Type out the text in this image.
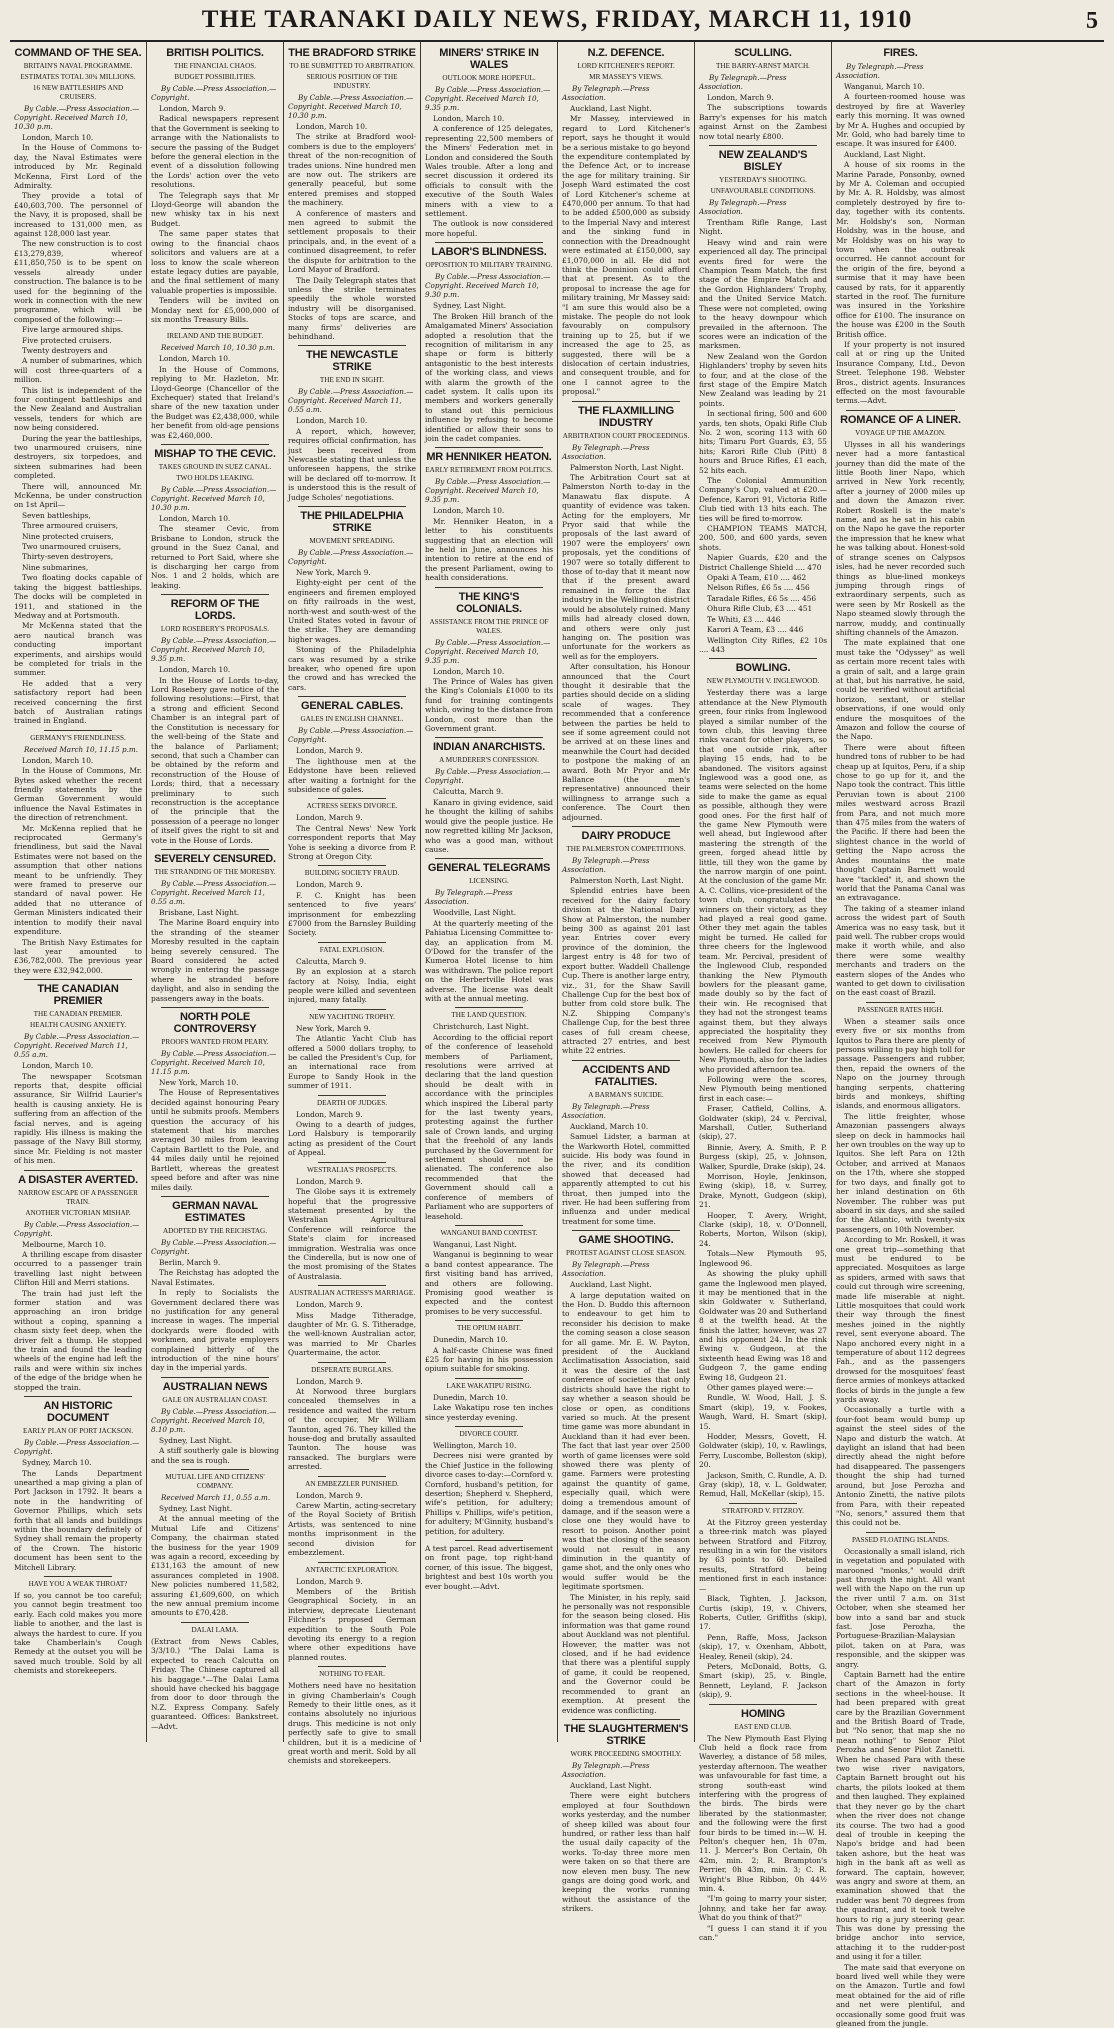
THE TARANAKI DAILY NEWS, FRIDAY, MARCH 11, 1910	5
COMMAND OF THE SEA.
BRITAIN'S NAVAL PROGRAMME.
ESTIMATES TOTAL 30¾ MILLIONS.
16 NEW BATTLESHIPS AND CRUISERS.
By Cable.—Press Association.—Copyright. Received March 10, 10.30 p.m.
London, March 10.
In the House of Commons to-day, the Naval Estimates were introduced by Mr. Reginald McKenna, First Lord of the Admiralty.
They provide a total of £40,603,700. The personnel of the Navy, it is proposed, shall be increased to 131,000 men, as against 128,000 last year.
The new construction is to cost £13,279,839, whereof £11,850,750 is to be spent on vessels already under construction. The balance is to be used for the beginning of the work in connection with the new programme, which will be composed of the following:—
Five large armoured ships.
Five protected cruisers.
Twenty destroyers and
A number of submarines, which will cost three-quarters of a million.
This list is independent of the four contingent battleships and the New Zealand and Australian vessels, tenders for which are now being considered.
During the year the battleships, two unarmoured cruisers, nine destroyers, six torpedoes, and sixteen submarines had been completed.
There will, announced Mr. McKenna, be under construction on 1st April—
Seven battleships,
Three armoured cruisers,
Nine protected cruisers,
Two unarmoured cruisers,
Thirty-seven destroyers,
Nine submarines,
Two floating docks capable of taking the biggest battleships. The docks will be completed in 1911, and stationed in the Medway and at Portsmouth.
Mr McKenna stated that the aero nautical branch was conducting important experiments, and airships would be completed for trials in the summer.
He added that a very satisfactory report had been received concerning the first batch of Australian ratings trained in England.
GERMANY'S FRIENDLINESS.
Received March 10, 11.15 p.m.
London, March 10.
In the House of Commons, Mr. Bytes asked whether the recent friendly statements by the German Government would influence the Naval Estimates in the direction of retrenchment.
Mr. McKenna replied that he reciprocated Germany's friendliness, but said the Naval Estimates were not based on the assumption that other nations meant to be unfriendly. They were framed to preserve our standard of naval power. He added that no utterance of German Ministers indicated their intention to modify their naval expenditure.
The British Navy Estimates for last year amounted to £36,782,000. The previous year they were £32,942,000.
THE CANADIAN PREMIER
THE CANADIAN PREMIER.
HEALTH CAUSING ANXIETY.
By Cable.—Press Association.—Copyright. Received March 11, 0.55 a.m.
London, March 10.
The newspaper Scotsman reports that, despite official assurance, Sir Wilfrid Laurier's health is causing anxiety. He is suffering from an affection of the facial nerves, and is ageing rapidly. His illness is making the passage of the Navy Bill stormy, since Mr. Fielding is not master of his men.
A DISASTER AVERTED.
NARROW ESCAPE OF A PASSENGER TRAIN.
ANOTHER VICTORIAN MISHAP.
By Cable.—Press Association.—Copyright.
Melbourne, March 10.
A thrilling escape from disaster occurred to a passenger train travelling last night between Clifton Hill and Merri stations.
The train had just left the former station and was approaching an iron bridge without a coping, spanning a chasm sixty feet deep, when the driver felt a thump. He stopped the train and found the leading wheels of the engine had left the rails and were within six inches of the edge of the bridge when he stopped the train.
AN HISTORIC DOCUMENT
EARLY PLAN OF PORT JACKSON.
By Cable.—Press Association.—Copyright.
Sydney, March 10.
The Lands Department unearthed a map giving a plan of Port Jackson in 1792. It bears a note in the handwriting of Governor Phillips, which sets forth that all lands and buildings within the boundary definitely of Sydney shall remain the property of the Crown. The historic document has been sent to the Mitchell Library.
HAVE YOU A WEAK THROAT?
If so, you cannot be too careful; you cannot begin treatment too early. Each cold makes you more liable to another, and the last is always the hardest to cure. If you take Chamberlain's Cough Remedy at the outset you will be saved much trouble. Sold by all chemists and storekeepers.
BRITISH POLITICS.
THE FINANCIAL CHAOS.
BUDGET POSSIBILITIES.
By Cable.—Press Association.—Copyright.
London, March 9.
Radical newspapers represent that the Government is seeking to arrange with the Nationalists to secure the passing of the Budget before the general election in the event of a dissolution following the Lords' action over the veto resolutions.
The Telegraph says that Mr Lloyd-George will abandon the new whisky tax in his next Budget.
The same paper states that owing to the financial chaos solicitors and valuers are at a loss to know the scale whereon estate legacy duties are payable, and the final settlement of many valuable properties is impossible.
Tenders will be invited on Monday next for £5,000,000 of six months Treasury Bills.
IRELAND AND THE BUDGET.
Received March 10, 10.30 p.m.
London, March 10.
In the House of Commons, replying to Mr. Hazleton, Mr. Lloyd-George (Chancellor of the Exchequer) stated that Ireland's share of the new taxation under the Budget was £2,438,000, while her benefit from old-age pensions was £2,460,000.
MISHAP TO THE CEVIC.
TAKES GROUND IN SUEZ CANAL.
TWO HOLDS LEAKING.
By Cable.—Press Association.—Copyright. Received March 10, 10.30 p.m.
London, March 10.
The steamer Cevic, from Brisbane to London, struck the ground in the Suez Canal, and returned to Port Said, where she is discharging her cargo from Nos. 1 and 2 holds, which are leaking.
REFORM OF THE LORDS.
LORD ROSEBERY'S PROPOSALS.
By Cable.—Press Association.—Copyright. Received March 10, 9.35 p.m.
London, March 10.
In the House of Lords to-day, Lord Rosebery gave notice of the following resolutions:—First, that a strong and efficient Second Chamber is an integral part of the Constitution is necessary for the well-being of the State and the balance of Parliament; second, that such a Chamber can be obtained by the reform and reconstruction of the House of Lords; third, that a necessary preliminary to such reconstruction is the acceptance of the principle that the possession of a peerage no longer of itself gives the right to sit and vote in the House of Lords.
SEVERELY CENSURED.
THE STRANDING OF THE MORESBY.
By Cable.—Press Association.—Copyright. Received March 11, 0.55 a.m.
Brisbane, Last Night.
The Marine Board enquiry into the stranding of the steamer Moresby resulted in the captain being severely censured. The Board considered he acted wrongly in entering the passage where he stranded before daylight, and also in sending the passengers away in the boats.
NORTH POLE CONTROVERSY
PROOFS WANTED FROM PEARY.
By Cable.—Press Association.—Copyright. Received March 10, 11.15 p.m.
New York, March 10.
The House of Representatives decided against honouring Peary until he submits proofs. Members question the accuracy of his statement that his marches averaged 30 miles from leaving Captain Bartlett to the Pole, and 44 miles daily until he rejoined Bartlett, whereas the greatest speed before and after was nine miles daily.
GERMAN NAVAL ESTIMATES
ADOPTED BY THE REICHSTAG.
By Cable.—Press Association.—Copyright.
Berlin, March 9.
The Reichstag has adopted the Naval Estimates.
In reply to Socialists the Government declared there was no justification for any general increase in wages. The imperial dockyards were flooded with workmen, and private employers complained bitterly of the introduction of the nine hours' day in the imperial yards.
AUSTRALIAN NEWS
GALE ON AUSTRALIAN COAST.
By Cable.—Press Association.—Copyright. Received March 10, 8.10 p.m.
Sydney, Last Night.
A stiff southerly gale is blowing and the sea is rough.
MUTUAL LIFE AND CITIZENS' COMPANY.
Received March 11, 0.55 a.m.
Sydney, Last Night.
At the annual meeting of the Mutual Life and Citizens' Company, the chairman stated the business for the year 1909 was again a record, exceeding by £131,163 the amount of new assurances completed in 1908. New policies numbered 11,582, assuring £1,609,600, on which the new annual premium income amounts to £70,428.
DALAI LAMA.
(Extract from News Cables, 3/3/10.) "The Dalai Lama is expected to reach Calcutta on Friday. The Chinese captured all his baggage."—The Dalai Lama should have checked his baggage from door to door through the N.Z. Express Company. Safely guaranteed. Offices: Bankstreet.—Advt.
THE BRADFORD STRIKE
TO BE SUBMITTED TO ARBITRATION.
SERIOUS POSITION OF THE INDUSTRY.
By Cable.—Press Association.—Copyright. Received March 10, 10.30 p.m.
London, March 10.
The strike at Bradford wool-combers is due to the employers' threat of the non-recognition of trades unions. Nine hundred men are now out. The strikers are generally peaceful, but some entered premises and stopped the machinery.
A conference of masters and men agreed to submit the settlement proposals to their principals, and, in the event of a continued disagreement, to refer the dispute for arbitration to the Lord Mayor of Bradford.
The Daily Telegraph states that unless the strike terminates speedily the whole worsted industry will be disorganised. Stocks of tops are scarce, and many firms' deliveries are behindhand.
THE NEWCASTLE STRIKE
THE END IN SIGHT.
By Cable.—Press Association.—Copyright. Received March 11, 0.55 a.m.
London, March 10.
A report, which, however, requires official confirmation, has just been received from Newcastle stating that unless the unforeseen happens, the strike will be declared off to-morrow. It is understood this is the result of Judge Scholes' negotiations.
THE PHILADELPHIA STRIKE
MOVEMENT SPREADING.
By Cable.—Press Association.—Copyright.
New York, March 9.
Eighty-eight per cent of the engineers and firemen employed on fifty railroads in the west, north-west and south-west of the United States voted in favour of the strike. They are demanding higher wages.
Stoning of the Philadelphia cars was resumed by a strike breaker, who opened fire upon the crowd and has wrecked the cars.
GENERAL CABLES.
GALES IN ENGLISH CHANNEL.
By Cable.—Press Association.—Copyright.
London, March 9.
The lighthouse men at the Eddystone have been relieved after waiting a fortnight for the subsidence of gales.
ACTRESS SEEKS DIVORCE.
London, March 9.
The Central News' New York correspondent reports that May Yohe is seeking a divorce from P. Strong at Oregon City.
BUILDING SOCIETY FRAUD.
London, March 9.
F. C. Knight has been sentenced to five years' imprisonment for embezzling £7000 from the Barnsley Building Society.
FATAL EXPLOSION.
Calcutta, March 9.
By an explosion at a starch factory at Noisy, India, eight people were killed and seventeen injured, many fatally.
NEW YACHTING TROPHY.
New York, March 9.
The Atlantic Yacht Club has offered a 5000 dollars trophy, to be called the President's Cup, for an international race from Europe to Sandy Hook in the summer of 1911.
DEARTH OF JUDGES.
London, March 9.
Owing to a dearth of judges, Lord Halsbury is temporarily acting as president of the Court of Appeal.
WESTRALIA'S PROSPECTS.
London, March 9.
The Globe says it is extremely hopeful that the progressive statement presented by the Westralian Agricultural Conference will reinforce the State's claim for increased immigration. Westralia was once the Cinderella, but is now one of the most promising of the States of Australasia.
AUSTRALIAN ACTRESS'S MARRIAGE.
London, March 9.
Miss Madge Titheradge, daughter of Mr. G. S. Titheradge, the well-known Australian actor, was married to Mr Charles Quartermaine, the actor.
DESPERATE BURGLARS.
London, March 9.
At Norwood three burglars concealed themselves in a residence and waited the return of the occupier, Mr William Taunton, aged 76. They killed the house-dog and brutally assaulted Taunton. The house was ransacked. The burglars were arrested.
AN EMBEZZLER PUNISHED.
London, March 9.
Carew Martin, acting-secretary of the Royal Society of British Artists, was sentenced to nine months imprisonment in the second division for embezzlement.
ANTARCTIC EXPLORATION.
London, March 9.
Members of the British Geographical Society, in an interview, deprecate Lieutenant Filchner's proposed German expedition to the South Pole devoting its energy to a region where other expeditions have planned routes.
NOTHING TO FEAR.
Mothers need have no hesitation in giving Chamberlain's Cough Remedy to their little ones, as it contains absolutely no injurious drugs. This medicine is not only perfectly safe to give to small children, but it is a medicine of great worth and merit. Sold by all chemists and storekeepers.
MINERS' STRIKE IN WALES
OUTLOOK MORE HOPEFUL.
By Cable.—Press Association.—Copyright. Received March 10, 9.35 p.m.
London, March 10.
A conference of 125 delegates, representing 22,500 members of the Miners' Federation met in London and considered the South Wales trouble. After a long and secret discussion it ordered its officials to consult with the executive of the South Wales miners with a view to a settlement.
The outlook is now considered more hopeful.
LABOR'S BLINDNESS.
OPPOSITION TO MILITARY TRAINING.
By Cable.—Press Association.—Copyright. Received March 10, 9.30 p.m.
Sydney, Last Night.
The Broken Hill branch of the Amalgamated Miners' Association adopted a resolution that the recognition of militarism in any shape or form is bitterly antagonistic to the best interests of the working class, and views with alarm the growth of the cadet system. It calls upon its members and workers generally to stand out this pernicious influence by refusing to become identified or allow their sons to join the cadet companies.
MR HENNIKER HEATON.
EARLY RETIREMENT FROM POLITICS.
By Cable.—Press Association.—Copyright. Received March 10, 9.35 p.m.
London, March 10.
Mr. Henniker Heaton, in a letter to his constituents suggesting that an election will be held in June, announces his intention to retire at the end of the present Parliament, owing to health considerations.
THE KING'S COLONIALS.
ASSISTANCE FROM THE PRINCE OF WALES.
By Cable.—Press Association.—Copyright. Received March 10, 9.35 p.m.
London, March 10.
The Prince of Wales has given the King's Colonials £1000 to its fund for training contingents which, owing to the distance from London, cost more than the Government grant.
INDIAN ANARCHISTS.
A MURDERER'S CONFESSION.
By Cable.—Press Association.—Copyright.
Calcutta, March 9.
Kanaro in giving evidence, said he thought the killing of sahibs would give the people justice. He now regretted killing Mr Jackson, who was a good man, without cause.
GENERAL TELEGRAMS
LICENSING.
By Telegraph.—Press Association.
Woodville, Last Night.
At the quarterly meeting of the Pahiatua Licensing Committee to-day, an application from M. O'Dowd for the transfer of the Kumeroa Hotel license to him was withdrawn. The police report on the Herbertville Hotel was adverse. The license was dealt with at the annual meeting.
THE LAND QUESTION.
Christchurch, Last Night.
According to the official report of the conference of leasehold members of Parliament, resolutions were arrived at declaring that the land question should be dealt with in accordance with the principles which inspired the Liberal party for the last twenty years, protesting against the further sale of Crown lands, and urging that the freehold of any lands purchased by the Government for settlement should not be alienated. The conference also recommended that the Government should call a conference of members of Parliament who are supporters of leasehold.
WANGANUI BAND CONTEST.
Wanganui, Last Night.
Wanganui is beginning to wear a band contest appearance. The first visiting band has arrived, and others are following. Promising good weather is expected and the contest promises to be very successful.
THE OPIUM HABIT.
Dunedin, March 10.
A half-caste Chinese was fined £25 for having in his possession opium suitable for smoking.
LAKE WAKATIPU RISING.
Dunedin, March 10.
Lake Wakatipu rose ten inches since yesterday evening.
DIVORCE COURT.
Wellington, March 10.
Decrees nisi were granted by the Chief Justice in the following divorce cases to-day:—Cornford v. Cornford, husband's petition, for desertion; Shepherd v. Shepherd, wife's petition, for adultery; Phillips v. Phillips, wife's petition, for adultery; M'Ginnity, husband's petition, for adultery.
A test parcel. Read advertisement on front page, top right-hand corner, of this issue. The biggest, brightest and best 10s worth you ever bought.—Advt.
N.Z. DEFENCE.
LORD KITCHENER'S REPORT.
MR MASSEY'S VIEWS.
By Telegraph.—Press Association.
Auckland, Last Night.
Mr Massey, interviewed in regard to Lord Kitchener's report, says he thought it would be a serious mistake to go beyond the expenditure contemplated by the Defence Act, or to increase the age for military training. Sir Joseph Ward estimated the cost of Lord Kitchener's scheme at £470,000 per annum. To that had to be added £500,000 as subsidy to the Imperial Navy and interest and the sinking fund in connection with the Dreadnought were estimated at £150,000, say £1,070,000 in all. He did not think the Dominion could afford that at present. As to the proposal to increase the age for military training, Mr Massey said: "I am sure this would also be a mistake. The people do not look favourably on compulsory training up to 25, but if we increased the age to 25, as suggested, there will be a dislocation of certain industries, and consequent trouble, and for one I cannot agree to the proposal."
THE FLAXMILLING INDUSTRY
ARBITRATION COURT PROCEEDINGS.
By Telegraph.—Press Association.
Palmerston North, Last Night.
The Arbitration Court sat at Palmerston North to-day in the Manawatu flax dispute. A quantity of evidence was taken. Acting for the employers, Mr Pryor said that while the proposals of the last award of 1907 were the employers' own proposals, yet the conditions of 1907 were so totally different to those of to-day that it meant now that if the present award remained in force the flax industry in the Wellington district would be absolutely ruined. Many mills had already closed down, and others were only just hanging on. The position was unfortunate for the workers as well as for the employers.
After consultation, his Honour announced that the Court thought it desirable that the parties should decide on a sliding scale of wages. They recommended that a conference between the parties be held to see if some agreement could not be arrived at on these lines and meanwhile the Court had decided to postpone the making of an award. Both Mr Pryor and Mr Ballance (the men's representative) announced their willingness to arrange such a conference. The Court then adjourned.
DAIRY PRODUCE
THE PALMERSTON COMPETITIONS.
By Telegraph.—Press Association.
Palmerston North, Last Night.
Splendid entries have been received for the dairy factory division at the National Dairy Show at Palmerston, the number being 300 as against 201 last year. Entries cover every province of the dominion, the largest entry is 48 for two of export butter. Waddell Challenge Cup. There is another large entry, viz., 31, for the Shaw Savill Challenge Cup for the best box of butter from cold store bulk. The N.Z. Shipping Company's Challenge Cup, for the best three cases of full cream cheese, attracted 27 entries, and best white 22 entries.
ACCIDENTS AND FATALITIES.
A BARMAN'S SUICIDE.
By Telegraph.—Press Association.
Auckland, March 10.
Samuel Lidster, a barman at the Warkworth Hotel, committed suicide. His body was found in the river, and its condition showed that deceased had apparently attempted to cut his throat, then jumped into the river. He had been suffering from influenza and under medical treatment for some time.
GAME SHOOTING.
PROTEST AGAINST CLOSE SEASON.
By Telegraph.—Press Association.
Auckland, Last Night.
A large deputation waited on the Hon. D. Buddo this afternoon to endeavour to get him to reconsider his decision to make the coming season a close season for all game. Mr. E. W. Payton, president of the Auckland Acclimatisation Association, said it was the desire of the last conference of societies that only districts should have the right to say whether a season should be close or open, as conditions varied so much. At the present time game was more abundant in Auckland than it had ever been. The fact that last year over 2500 worth of game licenses were sold showed there was plenty of game. Farmers were protesting against the quantity of game, especially quail, which were doing a tremendous amount of damage, and if the season were a close one they would have to resort to poison. Another point was that the closing of the season would not result in any diminution in the quantity of game shot, and the only ones who would suffer would be the legitimate sportsmen.
The Minister, in his reply, said he personally was not responsible for the season being closed. His information was that game round about Auckland was not plentiful. However, the matter was not closed, and if he had evidence that there was a plentiful supply of game, it could be reopened, and the Governor could be recommended to grant an exemption. At present the evidence was conflicting.
THE SLAUGHTERMEN'S STRIKE
WORK PROCEEDING SMOOTHLY.
By Telegraph.—Press Association.
Auckland, Last Night.
There were eight butchers employed at four Southdown works yesterday, and the number of sheep killed was about four hundred, or rather less than half the usual daily capacity of the works. To-day three more men were taken on so that there are now eleven men busy. The new gangs are doing good work, and keeping the works running without the assistance of the strikers.
SCULLING.
THE BARRY-ARNST MATCH.
By Telegraph.—Press Association.
London, March 9.
The subscriptions towards Barry's expenses for his match against Arnst on the Zambesi now total nearly £800.
NEW ZEALAND'S BISLEY
YESTERDAY'S SHOOTING.
UNFAVOURABLE CONDITIONS.
By Telegraph.—Press Association.
Trentham Rifle Range, Last Night.
Heavy wind and rain were experienced all day. The principal events fired for were the Champion Team Match, the first stage of the Empire Match and the Gordon Highlanders' Trophy, and the United Service Match. These were not completed, owing to the heavy downpour which prevailed in the afternoon. The scores were an indication of the marksmen.
New Zealand won the Gordon Highlanders' trophy by seven hits to four, and at the close of the first stage of the Empire Match New Zealand was leading by 21 points.
In sectional firing, 500 and 600 yards, ten shots, Opaki Rifle Club No. 2 won, scoring 113 with 60 hits; Timaru Port Guards, £3, 55 hits; Karori Rifle Club (Pitt) 8 hours and Bruce Rifles, £1 each, 52 hits each.
The Colonial Ammunition Company's Cup, valued at £20.—Defence, Karori 91, Victoria Rifle Club tied with 13 hits each. The ties will be fired to-morrow.
CHAMPION TEAMS MATCH, 200, 500, and 600 yards, seven shots.
Napier Guards, £20 and the District Challenge Shield .... 470
Opaki A Team, £10 .... 462
Nelson Rifles, £6 5s .... 456
Taradale Rifles, £6 5s .... 456
Ohura Rifle Club, £3 .... 451
Te Whiti, £3 .... 446
Karori A Team, £3 .... 446
Wellington City Rifles, £2 10s .... 443
BOWLING.
NEW PLYMOUTH V. INGLEWOOD.
Yesterday there was a large attendance at the New Plymouth green, four rinks from Inglewood played a similar number of the town club, this leaving three rinks vacant for other players, so that one outside rink, after playing 15 ends, had to be abandoned. The visitors against Inglewood was a good one, as teams were selected on the home side to make the game as equal as possible, although they were good ones. For the first half of the game New Plymouth were well ahead, but Inglewood after mastering the strength of the green, forged ahead little by little, till they won the game by the narrow margin of one point. At the conclusion of the game Mr. A. C. Collins, vice-president of the town club, congratulated the winners on their victory, as they had played a real good game. Other they met again the tables might be turned. He called for three cheers for the Inglewood team. Mr. Percival, president of the Inglewood Club, responded thanking the New Plymouth bowlers for the pleasant game, made doubly so by the fact of their win. He recognised that they had not the strongest teams against them, but they always appreciated the hospitality they received from New Plymouth bowlers. He called for cheers for New Plymouth, also for the ladies who provided afternoon tea.
Following were the scores, New Plymouth being mentioned first in each case:—
Fraser, Catfield, Collins, A. Goldwater (skip), 24 v. Percival, Marshall, Cutler, Sutherland (skip), 27.
Binnie, Avery, A. Smith, P. P. Burgess (skip), 25, v. Johnson, Walker, Spurdle, Drake (skip), 24.
Morrison, Hoyle, Jenkinson, Ewing (skip), 18, v. Surrey, Drake, Mynott, Gudgeon (skip), 21.
Hooper, T. Avery, Wright, Clarke (skip), 18, v. O'Donnell, Roberts, Morton, Wilson (skip), 24.
Totals—New Plymouth 95, Inglewood 96.
As showing the pluky uphill game the Inglewood men played, it may be mentioned that in the skin Goldwater v. Sutherland, Goldwater was 20 and Sutherland 8 at the twelfth head. At the finish the latter, however, was 27 and his opponent 24. In the rink Ewing v. Gudgeon, at the sixteenth head Ewing was 18 and Gudgeon 7, the game ending Ewing 18, Gudgeon 21.
Other games played were:—
Rundle, W. Wood, Hall, J. S. Smart (skip), 19, v. Fookes, Waugh, Ward, H. Smart (skip), 15.
Hodder, Messrs, Govett, H. Goldwater (skip), 10, v. Rawlings, Ferry, Luscombe, Bolleston (skip), 20.
Jackson, Smith, C. Rundle, A. D. Gray (skip), 18, v. L. Goldwater, Remud, Hall, McKellar (skip), 15.
STRATFORD V. FITZROY.
At the Fitzroy green yesterday a three-rink match was played between Stratford and Fitzroy, resulting in a win for the visitors by 63 points to 60. Detailed results, Stratford being mentioned first in each instance:—
Black, Tighten, J. Jackson, Curtis (skip), 19, v. Chivers, Roberts, Cutler, Griffiths (skip), 17.
Penn, Raffe, Moss, Jackson (skip), 17, v. Oxenham, Abbott, Healey, Reneil (skip), 24.
Peters, McDonald, Botts, G. Smart (skip), 25, v. Bingle, Bennett, Leyland, F. Jackson (skip), 9.
HOMING
EAST END CLUB.
The New Plymouth East Flying Club held a flock race from Waverley, a distance of 58 miles, yesterday afternoon. The weather was unfavourable for fast time, a strong south-east wind interfering with the progress of the birds. The birds were liberated by the stationmaster, and the following were the first four birds to be timed in:—W. H. Pelton's chequer hen, 1h 07m, 11. J. Mercer's Bon Certain, 0h 42m, min. 2; R. Brampton's Perrier, 0h 43m, min. 3; C. R. Wright's Blue Ribbon, 0h 44½ min. 4.
"I'm going to marry your sister, Johnny, and take her far away. What do you think of that?"
"I guess I can stand it if you can."
FIRES.
By Telegraph.—Press Association.
Wanganui, March 10.
A fourteen-roomed house was destroyed by fire at Waverley early this morning. It was owned by Mr A. Hughes and occupied by Mr. Gold, who had barely time to escape. It was insured for £400.
Auckland, Last Night.
A house of six rooms in the Marine Parade, Ponsonby, owned by Mr A. Coleman and occupied by Mr. A. R. Holdsby, was almost completely destroyed by fire to-day, together with its contents. Mr. Holdsby's son, Norman Holdsby, was in the house, and Mr Holdsby was on his way to town when the outbreak occurred. He cannot account for the origin of the fire, beyond a surmise that it may have been caused by rats, for it apparently started in the roof. The furniture was insured in the Yorkshire office for £100. The insurance on the house was £200 in the South British office.
If your property is not insured call at or ring up the United Insurance Company, Ltd., Devon Street. Telephone 198. Webster Bros., district agents. Insurances effected on the most favourable terms.—Advt.
ROMANCE OF A LINER.
VOYAGE UP THE AMAZON.
Ulysses in all his wanderings never had a more fantastical journey than did the mate of the little Booth liner Napo, which arrived in New York recently, after a journey of 2000 miles up and down the Amazon river. Robert Roskell is the mate's name, and as he sat in his cabin on the Napo he gave the reporter the impression that he knew what he was talking about. Honest-sold of strange scenes on Calypsos isles, had he never recorded such things as blue-lined monkeys jumping through rings of extraordinary serpents, such as were seen by Mr Roskell as the Napo steamed slowly through the narrow, muddy, and continually shifting channels of the Amazon.
The mate explained that one must take the "Odyssey" as well as certain more recent tales with a grain of salt, and a large grain at that, but his narrative, he said, could be verified without artificial horizon, sextant, or stellar observations, if one would only endure the mosquitoes of the Amazon and follow the course of the Napo.
There were about fifteen hundred tons of rubber to be had cheap up at Iquitos, Peru, if a ship chose to go up for it, and the Napo took the contract. This little Peruvian town is about 2100 miles westward across Brazil from Para, and not much more than 475 miles from the waters of the Pacific. If there had been the slightest chance in the world of getting the Napo across the Andes mountains the mate thought Captain Barnett would have "tackled" it, and shown the world that the Panama Canal was an extravagance.
The taking of a steamer inland across the widest part of South America was no easy task, but it paid well. The rubber crops would make it worth while, and also there were some wealthy merchants and traders on the eastern slopes of the Andes who wanted to get down to civilisation on the east coast of Brazil.
PASSENGER RATES HIGH.
When a steamer sails once every five or six months from Iquitos to Para there are plenty of persons willing to pay high toll for passage. Passengers and rubber, then, repaid the owners of the Napo on the journey through hanging serpents, chattering birds and monkeys, shifting islands, and enormous alligators.
The little freighter, whose Amazonian passengers always sleep on deck in hammocks hail her own troubles on the way up to Iquitos. She left Para on 12th October, and arrived at Manaos on the 17th, where she stopped for two days, and finally got to her inland destination on 6th November. The rubber was put aboard in six days, and she sailed for the Atlantic, with twenty-six passengers, on 10th November.
According to Mr. Roskell, it was one great trip—something that must be endured to be appreciated. Mosquitoes as large as spiders, armed with saws that could cut through wire screening, made life miserable at night. Little mosquitoes that could work their way through the finest meshes joined in the nightly revel, sent everyone aboard. The Napo anchored every night in a temperature of about 112 degrees Fah., and as the passengers drowsed for the mosquitoes' feast fierce armies of monkeys attacked flocks of birds in the jungle a few yards away.
Occasionally a turtle with a four-foot beam would bump up against the steel sides of the Napo and disturb the watch. At daylight an island that had been directly ahead the night before had disappeared. The passengers thought the ship had turned around, but Jose Perozha and Antonio Zinetti, the native pilots from Para, with their repeated "No, senors," assured them that this could not be.
PASSED FLOATING ISLANDS.
Occasionally a small island, rich in vegetation and populated with marooned "monks," would drift past through the night. All want well with the Napo on the run up the river until 7 a.m. on 31st October, when she steamed her bow into a sand bar and stuck fast. Jose Perozha, the Portuguese-Brazilian-Malaysian pilot, taken on at Para, was responsible, and the skipper was angry.
Captain Barnett had the entire chart of the Amazon in forty sections in the wheel-house. It had been prepared with great care by the Brazilian Government and the British Board of Trade, but "No senor, that map she no mean nothing" to Senor Pilot Perozha and Senor Pilot Zanetti. When he chased Para with these two wise river navigators, Captain Barnett brought out his charts, the pilots looked at them and then laughed. They explained that they never go by the chart when the river does not change its course. The two had a good deal of trouble in keeping the Napo's bridge and had been taken ashore, but the heat was high in the bank aft as well as forward. The captain, however, was angry and swore at them, an examination showed that the rudder was bent 70 degrees from the quadrant, and it took twelve hours to rig a jury steering gear. This was done by pressing the bridge anchor into service, attaching it to the rudder-post and using it for a tiller.
The mate said that everyone on board lived well while they were on the Amazon. Turtle and fowl meat obtained for the aid of rifle and net were plentiful, and occasionally some good fruit was gleaned from the jungle.
